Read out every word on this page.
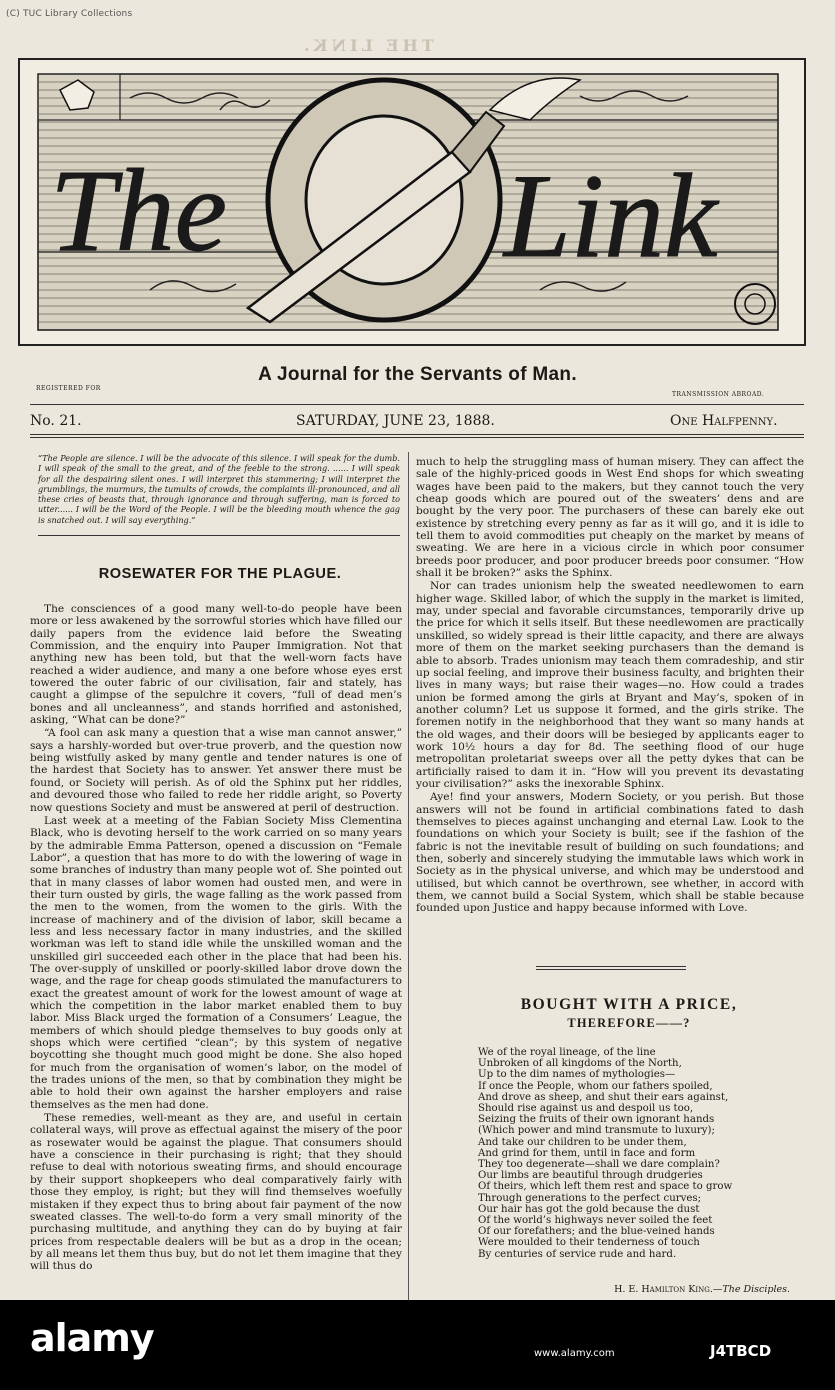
(C) TUC Library Collections
THE LINK.
The Link
REGISTERED FOR
A Journal for the Servants of Man.
TRANSMISSION ABROAD.
No. 21.	SATURDAY, JUNE 23, 1888.	One Halfpenny.
“The People are silence. I will be the advocate of this silence. I will speak for the dumb. I will speak of the small to the great, and of the feeble to the strong. ...... I will speak for all the despairing silent ones. I will interpret this stammering; I will interpret the grumblings, the murmurs, the tumults of crowds, the complaints ill-pronounced, and all these cries of beasts that, through ignorance and through suffering, man is forced to utter...... I will be the Word of the People. I will be the bleeding mouth whence the gag is snatched out. I will say everything.”
ROSEWATER FOR THE PLAGUE.

The consciences of a good many well-to-do people have been more or less awakened by the sorrowful stories which have filled our daily papers from the evidence laid before the Sweating Commission, and the enquiry into Pauper Immigration. Not that anything new has been told, but that the well-worn facts have reached a wider audience, and many a one before whose eyes erst towered the outer fabric of our civilisation, fair and stately, has caught a glimpse of the sepulchre it covers, “full of dead men’s bones and all uncleanness”, and stands horrified and astonished, asking, “What can be done?”

“A fool can ask many a question that a wise man cannot answer,” says a harshly-worded but over-true proverb, and the question now being wistfully asked by many gentle and tender natures is one of the hardest that Society has to answer. Yet answer there must be found, or Society will perish. As of old the Sphinx put her riddles, and devoured those who failed to rede her riddle aright, so Poverty now questions Society and must be answered at peril of destruction.

Last week at a meeting of the Fabian Society Miss Clementina Black, who is devoting herself to the work carried on so many years by the admirable Emma Patterson, opened a discussion on “Female Labor”, a question that has more to do with the lowering of wage in some branches of industry than many people wot of. She pointed out that in many classes of labor women had ousted men, and were in their turn ousted by girls, the wage falling as the work passed from the men to the women, from the women to the girls. With the increase of machinery and of the division of labor, skill became a less and less necessary factor in many industries, and the skilled workman was left to stand idle while the unskilled woman and the unskilled girl succeeded each other in the place that had been his. The over-supply of unskilled or poorly-skilled labor drove down the wage, and the rage for cheap goods stimulated the manufacturers to exact the greatest amount of work for the lowest amount of wage at which the competition in the labor market enabled them to buy labor. Miss Black urged the formation of a Consumers’ League, the members of which should pledge themselves to buy goods only at shops which were certified “clean”; by this system of negative boycotting she thought much good might be done. She also hoped for much from the organisation of women’s labor, on the model of the trades unions of the men, so that by combination they might be able to hold their own against the harsher employers and raise themselves as the men had done.

These remedies, well-meant as they are, and useful in certain collateral ways, will prove as effectual against the misery of the poor as rosewater would be against the plague. That consumers should have a conscience in their purchasing is right; that they should refuse to deal with notorious sweating firms, and should encourage by their support shopkeepers who deal comparatively fairly with those they employ, is right; but they will find themselves woefully mistaken if they expect thus to bring about fair payment of the now sweated classes. The well-to-do form a very small minority of the purchasing multitude, and anything they can do by buying at fair prices from respectable dealers will be but as a drop in the ocean; by all means let them thus buy, but do not let them imagine that they will thus do

much to help the struggling mass of human misery. They can affect the sale of the highly-priced goods in West End shops for which sweating wages have been paid to the makers, but they cannot touch the very cheap goods which are poured out of the sweaters’ dens and are bought by the very poor. The purchasers of these can barely eke out existence by stretching every penny as far as it will go, and it is idle to tell them to avoid commodities put cheaply on the market by means of sweating. We are here in a vicious circle in which poor consumer breeds poor producer, and poor producer breeds poor consumer. “How shall it be broken?” asks the Sphinx.

Nor can trades unionism help the sweated needlewomen to earn higher wage. Skilled labor, of which the supply in the market is limited, may, under special and favorable circumstances, temporarily drive up the price for which it sells itself. But these needlewomen are practically unskilled, so widely spread is their little capacity, and there are always more of them on the market seeking purchasers than the demand is able to absorb. Trades unionism may teach them comradeship, and stir up social feeling, and improve their business faculty, and brighten their lives in many ways; but raise their wages—no. How could a trades union be formed among the girls at Bryant and May’s, spoken of in another column? Let us suppose it formed, and the girls strike. The foremen notify in the neighborhood that they want so many hands at the old wages, and their doors will be besieged by applicants eager to work 10½ hours a day for 8d. The seething flood of our huge metropolitan proletariat sweeps over all the petty dykes that can be artificially raised to dam it in. “How will you prevent its devastating your civilisation?” asks the inexorable Sphinx.

Aye! find your answers, Modern Society, or you perish. But those answers will not be found in artificial combinations fated to dash themselves to pieces against unchanging and eternal Law. Look to the foundations on which your Society is built; see if the fashion of the fabric is not the inevitable result of building on such foundations; and then, soberly and sincerely studying the immutable laws which work in Society as in the physical universe, and which may be understood and utilised, but which cannot be overthrown, see whether, in accord with them, we cannot build a Social System, which shall be stable because founded upon Justice and happy because informed with Love.

BOUGHT WITH A PRICE,
THEREFORE——?
We of the royal lineage, of the line
Unbroken of all kingdoms of the North,
Up to the dim names of mythologies—
If once the People, whom our fathers spoiled,
And drove as sheep, and shut their ears against,
Should rise against us and despoil us too,
Seizing the fruits of their own ignorant hands
(Which power and mind transmute to luxury);
And take our children to be under them,
And grind for them, until in face and form
They too degenerate—shall we dare complain?
Our limbs are beautiful through drudgeries
Of theirs, which left them rest and space to grow
Through generations to the perfect curves;
Our hair has got the gold because the dust
Of the world’s highways never soiled the feet
Of our forefathers; and the blue-veined hands
Were moulded to their tenderness of touch
By centuries of service rude and hard.
H. E. Hamilton King.—The Disciples.
alamy	www.alamy.com	J4TBCD
